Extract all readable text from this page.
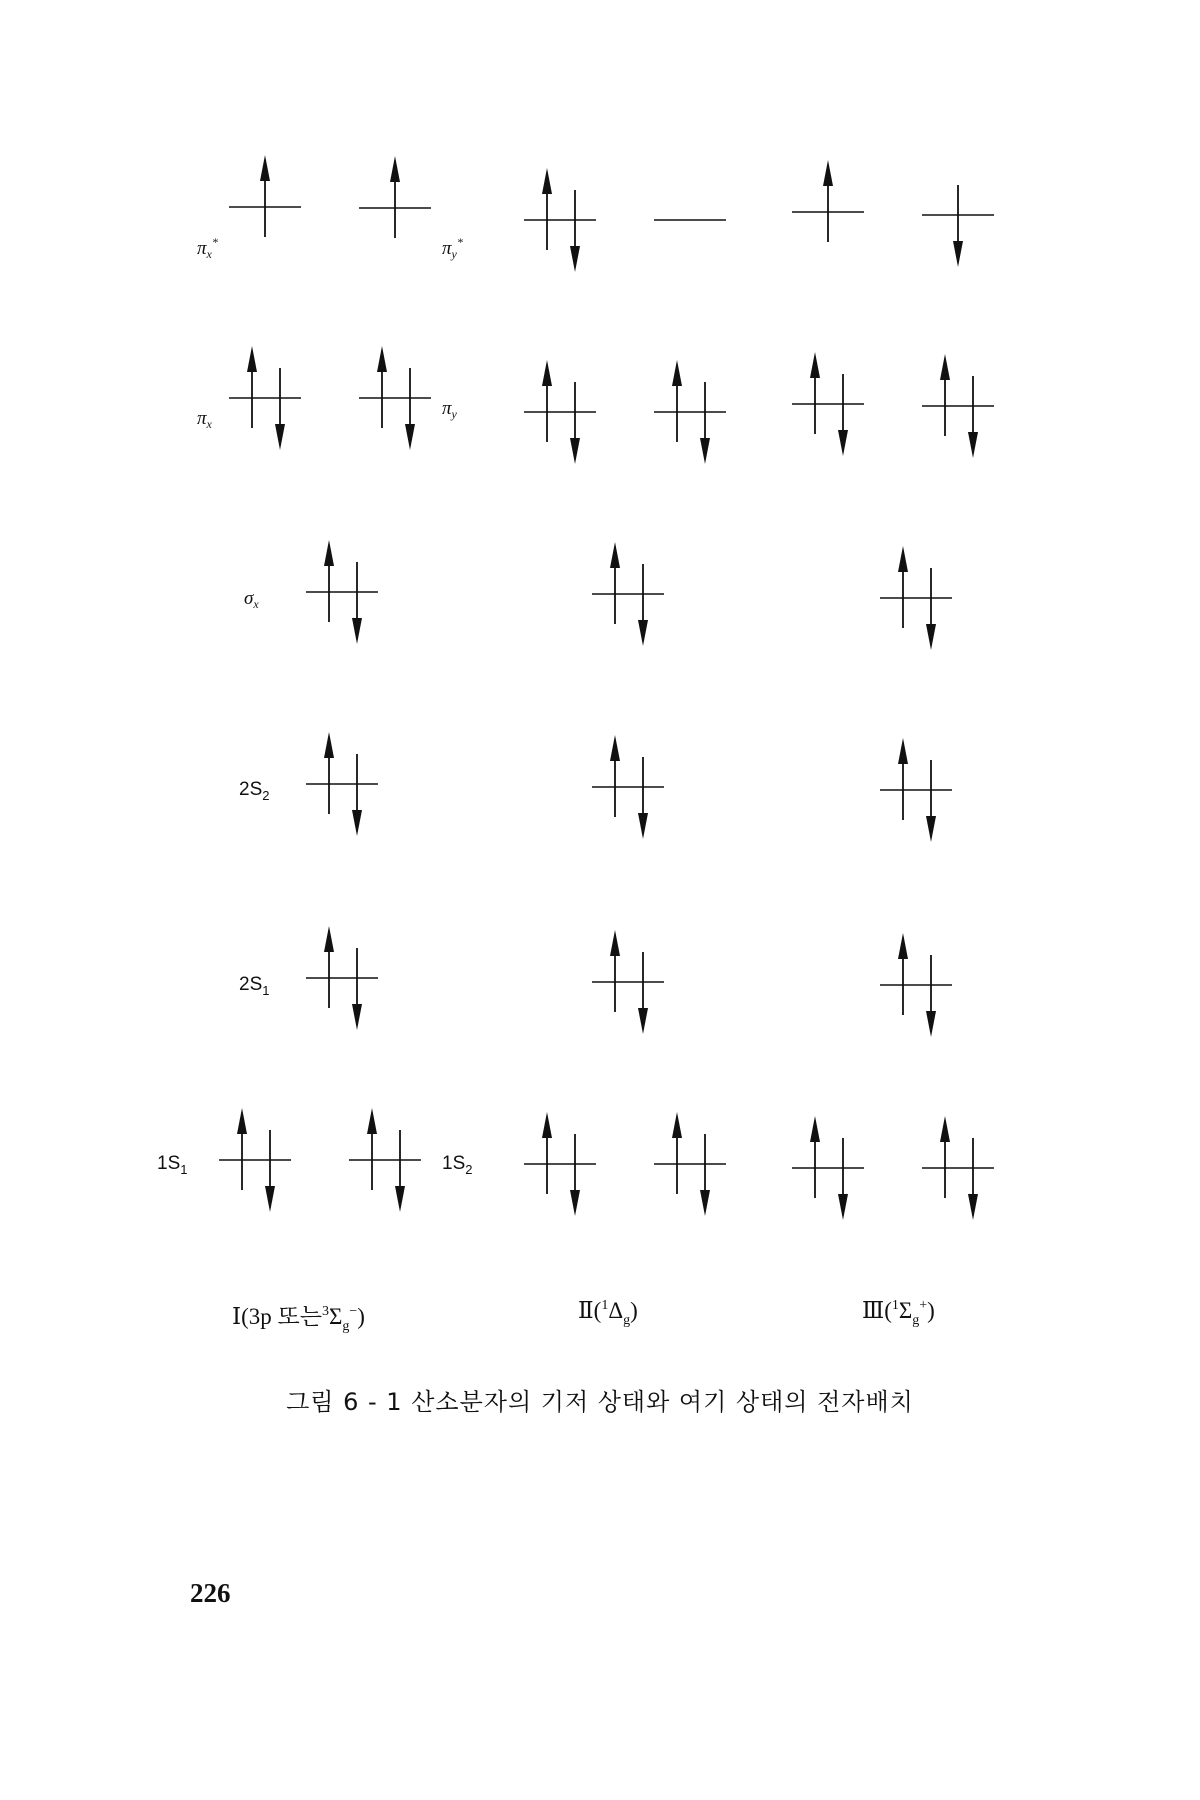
$\pi_x^*$	$\pi_y^*$
$\pi_x$
$\pi_y$
$\sigma_x$
$2S_2$
$2S_1$
$1S_1$	$1S_2$
Ⅰ(3p 또는3Σg−)	Ⅱ(1Δg)	Ⅲ(1Σg+)
그림 6 - 1 산소분자의 기저 상태와 여기 상태의 전자배치
226
